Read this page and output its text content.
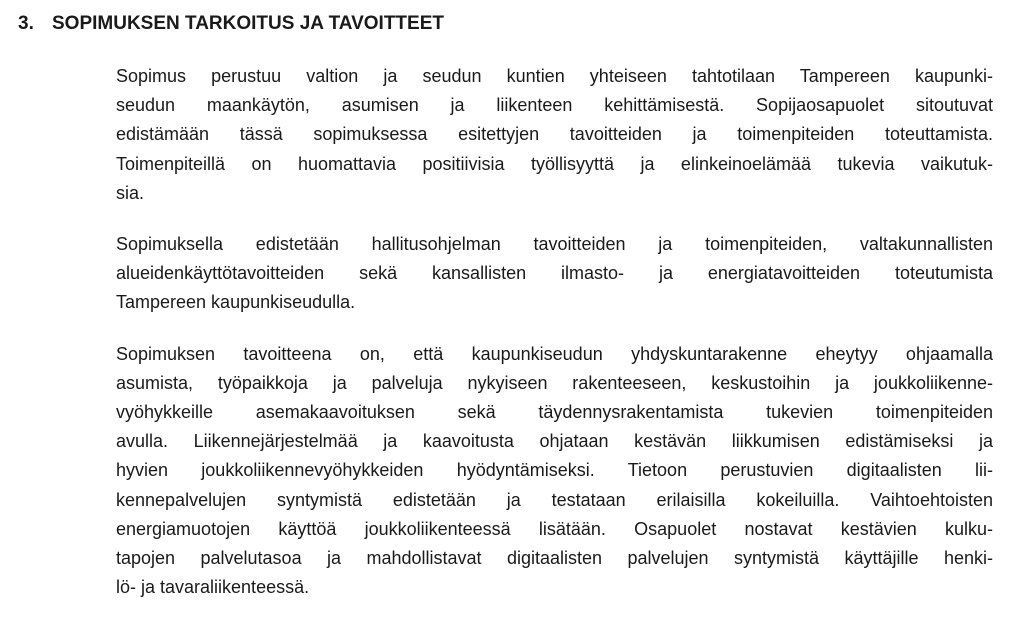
3. SOPIMUKSEN TARKOITUS JA TAVOITTEET

Sopimus perustuu valtion ja seudun kuntien yhteiseen tahtotilaan Tampereen kaupunki-
seudun maankäytön, asumisen ja liikenteen kehittämisestä. Sopijaosapuolet sitoutuvat
edistämään tässä sopimuksessa esitettyjen tavoitteiden ja toimenpiteiden toteuttamista.
Toimenpiteillä on huomattavia positiivisia työllisyyttä ja elinkeinoelämää tukevia vaikutuk-
sia.

Sopimuksella edistetään hallitusohjelman tavoitteiden ja toimenpiteiden, valtakunnallisten
alueidenkäyttötavoitteiden sekä kansallisten ilmasto- ja energiatavoitteiden toteutumista
Tampereen kaupunkiseudulla.

Sopimuksen tavoitteena on, että kaupunkiseudun yhdyskuntarakenne eheytyy ohjaamalla
asumista, työpaikkoja ja palveluja nykyiseen rakenteeseen, keskustoihin ja joukkoliikenne-
vyöhykkeille asemakaavoituksen sekä täydennysrakentamista tukevien toimenpiteiden
avulla. Liikennejärjestelmää ja kaavoitusta ohjataan kestävän liikkumisen edistämiseksi ja
hyvien joukkoliikennevyöhykkeiden hyödyntämiseksi. Tietoon perustuvien digitaalisten lii-
kennepalvelujen syntymistä edistetään ja testataan erilaisilla kokeiluilla. Vaihtoehtoisten
energiamuotojen käyttöä joukkoliikenteessä lisätään. Osapuolet nostavat kestävien kulku-
tapojen palvelutasoa ja mahdollistavat digitaalisten palvelujen syntymistä käyttäjille henki-
lö- ja tavaraliikenteessä.
